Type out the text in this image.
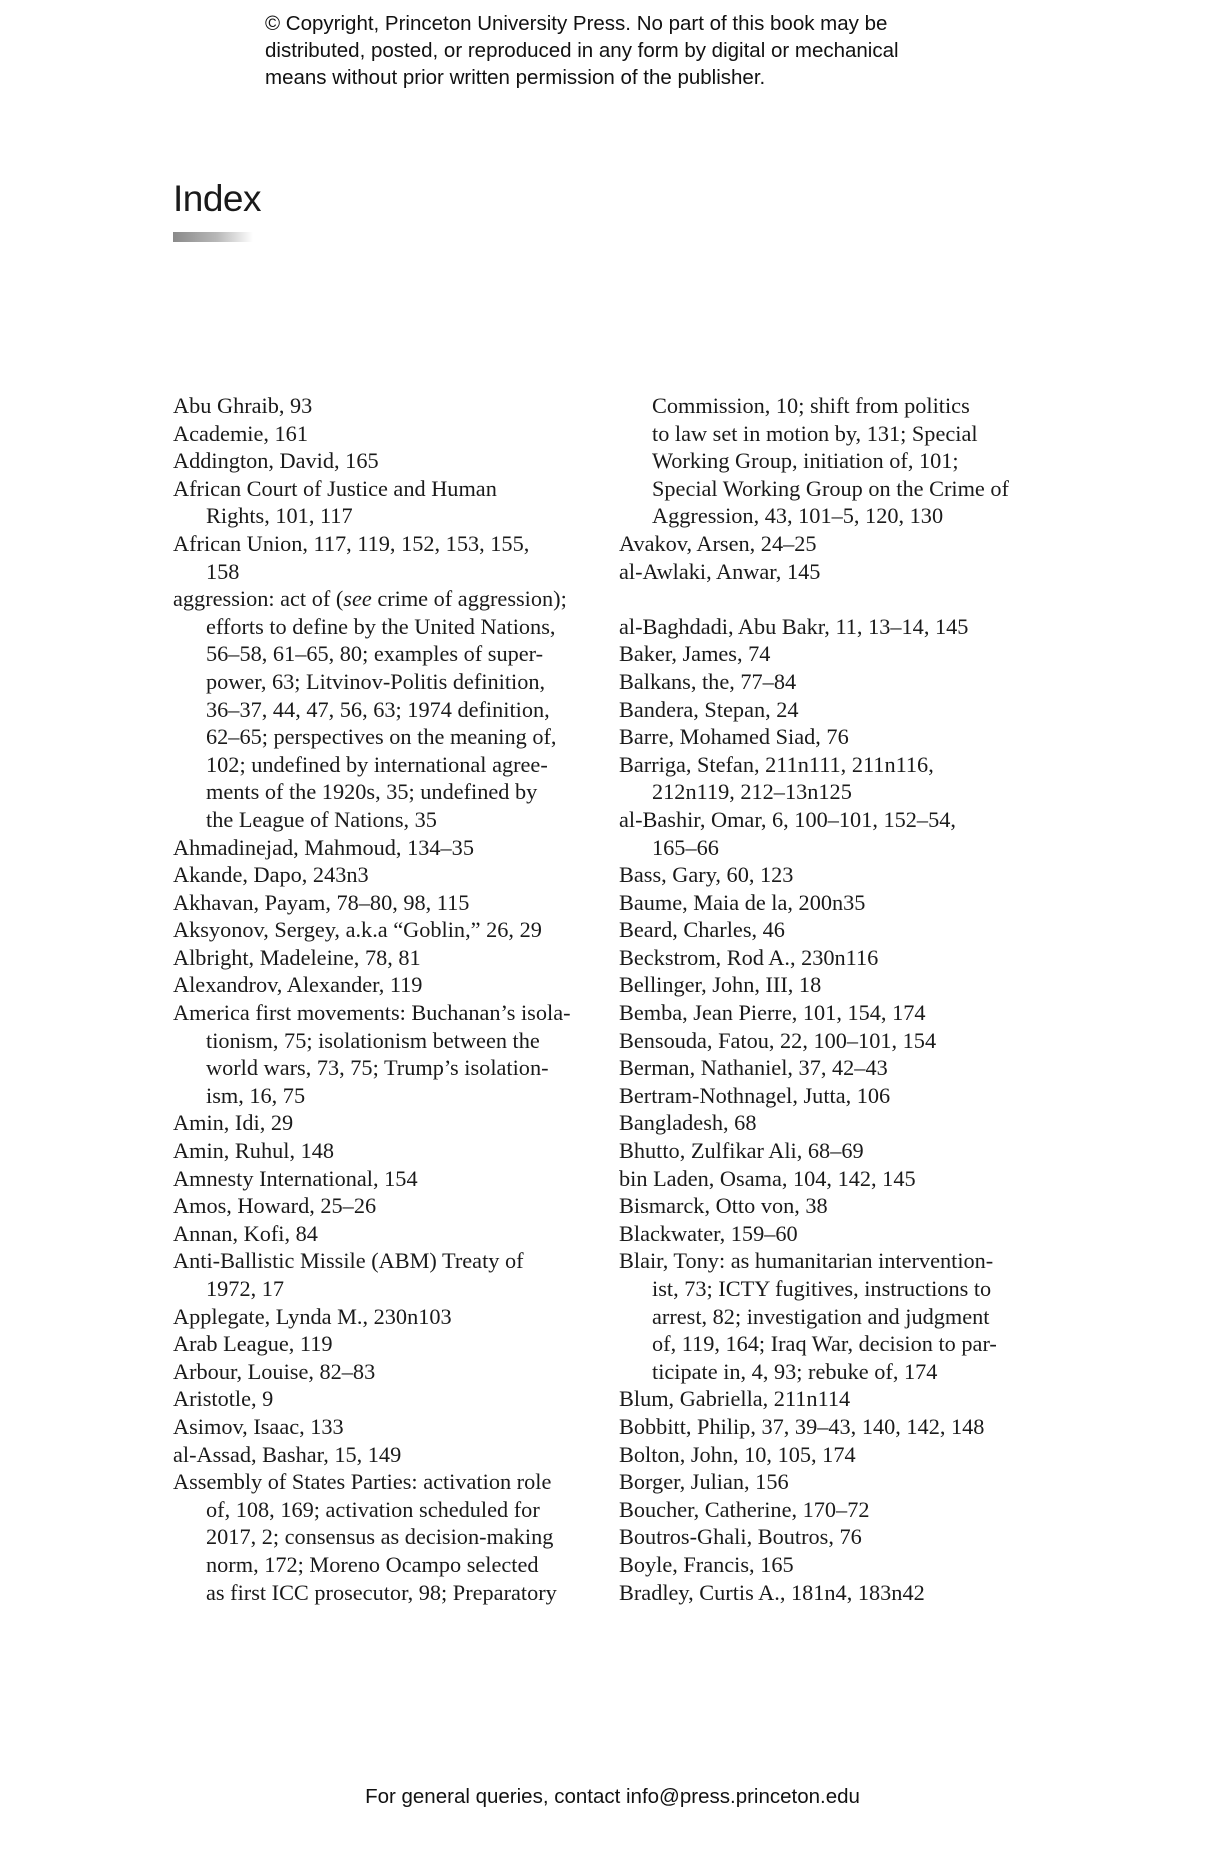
© Copyright, Princeton University Press. No part of this book may be
distributed, posted, or reproduced in any form by digital or mechanical
means without prior written permission of the publisher.
Index
Abu Ghraib, 93
Academie, 161
Addington, David, 165
African Court of Justice and Human
Rights, 101, 117
African Union, 117, 119, 152, 153, 155,
158
aggression: act of (see crime of aggression);
efforts to define by the United Nations,
56–58, 61–65, 80; examples of super-
power, 63; Litvinov-Politis definition,
36–37, 44, 47, 56, 63; 1974 definition,
62–65; perspectives on the meaning of,
102; undefined by international agree-
ments of the 1920s, 35; undefined by
the League of Nations, 35
Ahmadinejad, Mahmoud, 134–35
Akande, Dapo, 243n3
Akhavan, Payam, 78–80, 98, 115
Aksyonov, Sergey, a.k.a “Goblin,” 26, 29
Albright, Madeleine, 78, 81
Alexandrov, Alexander, 119
America first movements: Buchanan’s isola-
tionism, 75; isolationism between the
world wars, 73, 75; Trump’s isolation-
ism, 16, 75
Amin, Idi, 29
Amin, Ruhul, 148
Amnesty International, 154
Amos, Howard, 25–26
Annan, Kofi, 84
Anti-Ballistic Missile (ABM) Treaty of
1972, 17
Applegate, Lynda M., 230n103
Arab League, 119
Arbour, Louise, 82–83
Aristotle, 9
Asimov, Isaac, 133
al-Assad, Bashar, 15, 149
Assembly of States Parties: activation role
of, 108, 169; activation scheduled for
2017, 2; consensus as decision-making
norm, 172; Moreno Ocampo selected
as first ICC prosecutor, 98; Preparatory
Commission, 10; shift from politics
to law set in motion by, 131; Special
Working Group, initiation of, 101;
Special Working Group on the Crime of
Aggression, 43, 101–5, 120, 130
Avakov, Arsen, 24–25
al-Awlaki, Anwar, 145
al-Baghdadi, Abu Bakr, 11, 13–14, 145
Baker, James, 74
Balkans, the, 77–84
Bandera, Stepan, 24
Barre, Mohamed Siad, 76
Barriga, Stefan, 211n111, 211n116,
212n119, 212–13n125
al-Bashir, Omar, 6, 100–101, 152–54,
165–66
Bass, Gary, 60, 123
Baume, Maia de la, 200n35
Beard, Charles, 46
Beckstrom, Rod A., 230n116
Bellinger, John, III, 18
Bemba, Jean Pierre, 101, 154, 174
Bensouda, Fatou, 22, 100–101, 154
Berman, Nathaniel, 37, 42–43
Bertram-Nothnagel, Jutta, 106
Bangladesh, 68
Bhutto, Zulfikar Ali, 68–69
bin Laden, Osama, 104, 142, 145
Bismarck, Otto von, 38
Blackwater, 159–60
Blair, Tony: as humanitarian intervention-
ist, 73; ICTY fugitives, instructions to
arrest, 82; investigation and judgment
of, 119, 164; Iraq War, decision to par-
ticipate in, 4, 93; rebuke of, 174
Blum, Gabriella, 211n114
Bobbitt, Philip, 37, 39–43, 140, 142, 148
Bolton, John, 10, 105, 174
Borger, Julian, 156
Boucher, Catherine, 170–72
Boutros-Ghali, Boutros, 76
Boyle, Francis, 165
Bradley, Curtis A., 181n4, 183n42
For general queries, contact info@press.princeton.edu
